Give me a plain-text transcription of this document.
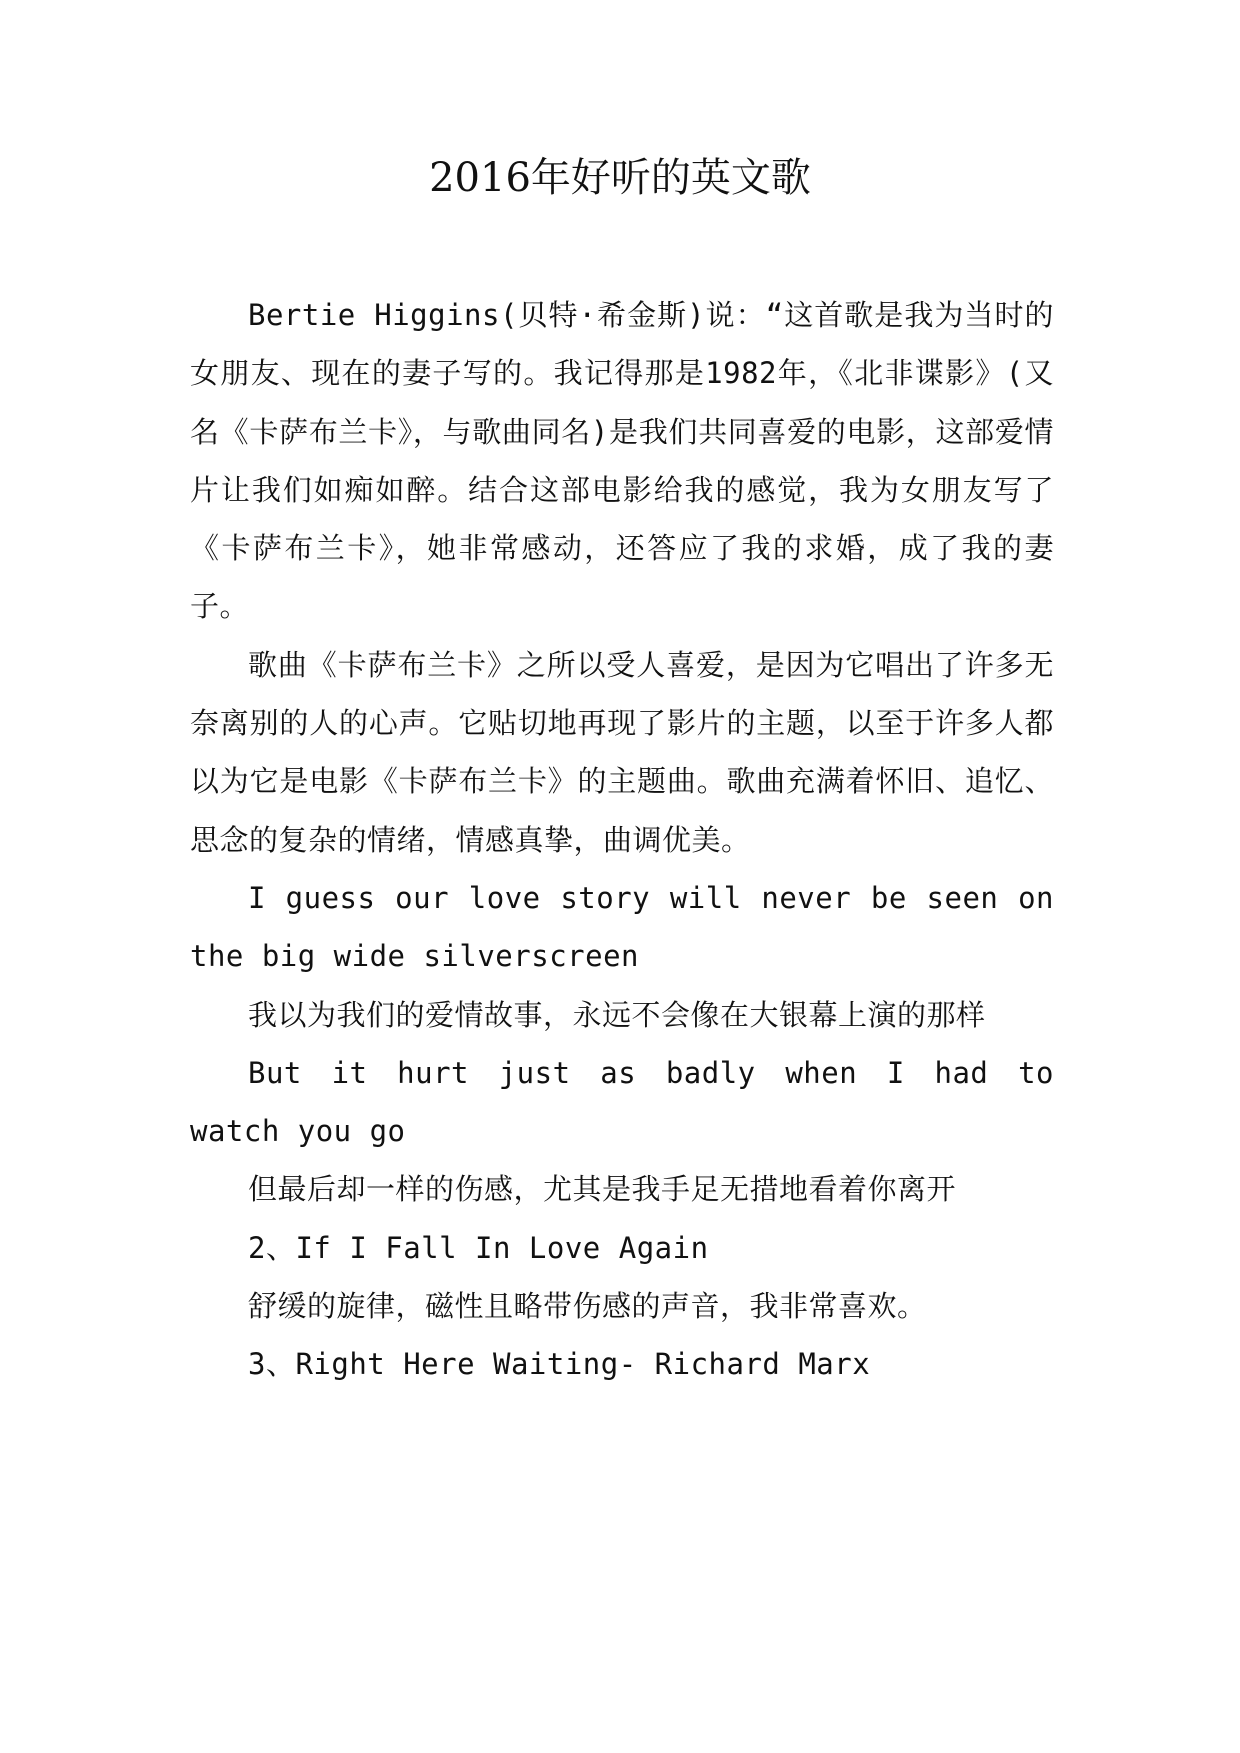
2016年好听的英文歌

Bertie Higgins(贝特·希金斯)说：“这首歌是我为当时的女朋友、现在的妻子写的。我记得那是1982年，《北非谍影》(又名《卡萨布兰卡》，与歌曲同名)是我们共同喜爱的电影，这部爱情片让我们如痴如醉。结合这部电影给我的感觉，我为女朋友写了《卡萨布兰卡》，她非常感动，还答应了我的求婚，成了我的妻子。

歌曲《卡萨布兰卡》之所以受人喜爱，是因为它唱出了许多无奈离别的人的心声。它贴切地再现了影片的主题，以至于许多人都以为它是电影《卡萨布兰卡》的主题曲。歌曲充满着怀旧、追忆、思念的复杂的情绪，情感真挚，曲调优美。

I guess our love story will never be seen on the big wide silverscreen

我以为我们的爱情故事，永远不会像在大银幕上演的那样

But it hurt just as badly when I had to watch you go

但最后却一样的伤感，尤其是我手足无措地看着你离开

2、If I Fall In Love Again

舒缓的旋律，磁性且略带伤感的声音，我非常喜欢。

3、Right Here Waiting- Richard Marx
